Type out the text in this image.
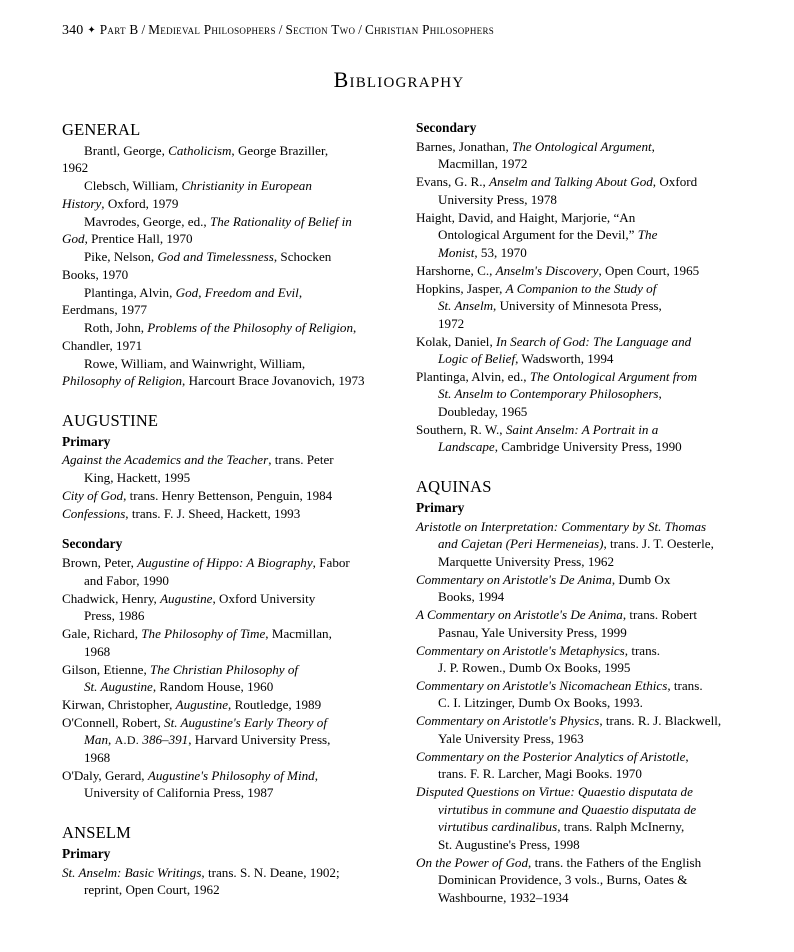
340 ✦ Part B / Medieval Philosophers / Section Two / Christian Philosophers
Bibliography
GENERAL

Brantl, George, Catholicism, George Braziller,
1962

Clebsch, William, Christianity in European
History, Oxford, 1979

Mavrodes, George, ed., The Rationality of Belief in
God, Prentice Hall, 1970

Pike, Nelson, God and Timelessness, Schocken
Books, 1970

Plantinga, Alvin, God, Freedom and Evil,
Eerdmans, 1977

Roth, John, Problems of the Philosophy of Religion,
Chandler, 1971

Rowe, William, and Wainwright, William,
Philosophy of Religion, Harcourt Brace Jovanovich, 1973

AUGUSTINE
Primary

Against the Academics and the Teacher, trans. Peter
King, Hackett, 1995

City of God, trans. Henry Bettenson, Penguin, 1984

Confessions, trans. F. J. Sheed, Hackett, 1993

Secondary

Brown, Peter, Augustine of Hippo: A Biography, Fabor
and Fabor, 1990

Chadwick, Henry, Augustine, Oxford University
Press, 1986

Gale, Richard, The Philosophy of Time, Macmillan,
1968

Gilson, Etienne, The Christian Philosophy of
St. Augustine, Random House, 1960

Kirwan, Christopher, Augustine, Routledge, 1989

O'Connell, Robert, St. Augustine's Early Theory of
Man, A.D. 386–391, Harvard University Press,
1968

O'Daly, Gerard, Augustine's Philosophy of Mind,
University of California Press, 1987

ANSELM
Primary

St. Anselm: Basic Writings, trans. S. N. Deane, 1902;
reprint, Open Court, 1962

Secondary

Barnes, Jonathan, The Ontological Argument,
Macmillan, 1972

Evans, G. R., Anselm and Talking About God, Oxford
University Press, 1978

Haight, David, and Haight, Marjorie, “An
Ontological Argument for the Devil,” The
Monist, 53, 1970

Harshorne, C., Anselm's Discovery, Open Court, 1965

Hopkins, Jasper, A Companion to the Study of
St. Anselm, University of Minnesota Press,
1972

Kolak, Daniel, In Search of God: The Language and
Logic of Belief, Wadsworth, 1994

Plantinga, Alvin, ed., The Ontological Argument from
St. Anselm to Contemporary Philosophers,
Doubleday, 1965

Southern, R. W., Saint Anselm: A Portrait in a
Landscape, Cambridge University Press, 1990

AQUINAS
Primary

Aristotle on Interpretation: Commentary by St. Thomas
and Cajetan (Peri Hermeneias), trans. J. T. Oesterle,
Marquette University Press, 1962

Commentary on Aristotle's De Anima, Dumb Ox
Books, 1994

A Commentary on Aristotle's De Anima, trans. Robert
Pasnau, Yale University Press, 1999

Commentary on Aristotle's Metaphysics, trans.
J. P. Rowen., Dumb Ox Books, 1995

Commentary on Aristotle's Nicomachean Ethics, trans.
C. I. Litzinger, Dumb Ox Books, 1993.

Commentary on Aristotle's Physics, trans. R. J. Blackwell,
Yale University Press, 1963

Commentary on the Posterior Analytics of Aristotle,
trans. F. R. Larcher, Magi Books. 1970

Disputed Questions on Virtue: Quaestio disputata de
virtutibus in commune and Quaestio disputata de
virtutibus cardinalibus, trans. Ralph McInerny,
St. Augustine's Press, 1998

On the Power of God, trans. the Fathers of the English
Dominican Providence, 3 vols., Burns, Oates &
Washbourne, 1932–1934
